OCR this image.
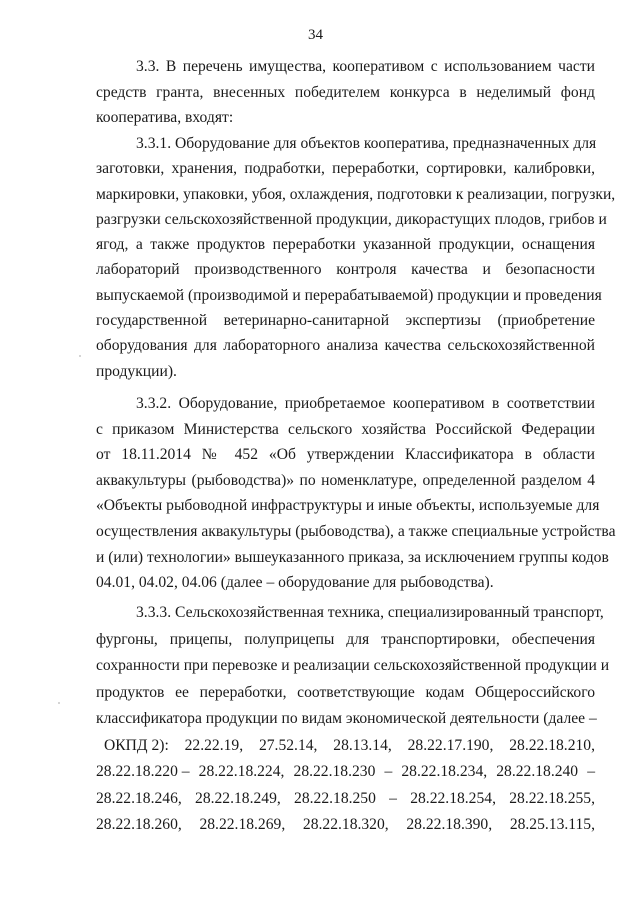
34
3.3. В перечень имущества, кооперативом с использованием части
средств гранта, внесенных победителем конкурса в неделимый фонд
кооператива, входят:
3.3.1. Оборудование для объектов кооператива, предназначенных для
заготовки, хранения, подработки, переработки, сортировки, калибровки,
маркировки, упаковки, убоя, охлаждения, подготовки к реализации, погрузки,
разгрузки сельскохозяйственной продукции, дикорастущих плодов, грибов и
ягод, а также продуктов переработки указанной продукции, оснащения
лабораторий производственного контроля качества и безопасности
выпускаемой (производимой и перерабатываемой) продукции и проведения
государственной ветеринарно-санитарной экспертизы (приобретение
оборудования для лабораторного анализа качества сельскохозяйственной
продукции).
3.3.2. Оборудование, приобретаемое кооперативом в соответствии
с приказом Министерства сельского хозяйства Российской Федерации
от 18.11.2014 № 452 «Об утверждении Классификатора в области
аквакультуры (рыбоводства)» по номенклатуре, определенной разделом 4
«Объекты рыбоводной инфраструктуры и иные объекты, используемые для
осуществления аквакультуры (рыбоводства), а также специальные устройства
и (или) технологии» вышеуказанного приказа, за исключением группы кодов
04.01, 04.02, 04.06 (далее – оборудование для рыбоводства).
3.3.3. Сельскохозяйственная техника, специализированный транспорт,
фургоны, прицепы, полуприцепы для транспортировки, обеспечения
сохранности при перевозке и реализации сельскохозяйственной продукции и
продуктов ее переработки, соответствующие кодам Общероссийского
классификатора продукции по видам экономической деятельности (далее –
ОКПД 2): 22.22.19, 27.52.14, 28.13.14, 28.22.17.190, 28.22.18.210,
28.22.18.220 – 28.22.18.224, 28.22.18.230 – 28.22.18.234, 28.22.18.240 –
28.22.18.246, 28.22.18.249, 28.22.18.250 – 28.22.18.254, 28.22.18.255,
28.22.18.260, 28.22.18.269, 28.22.18.320, 28.22.18.390, 28.25.13.115,
